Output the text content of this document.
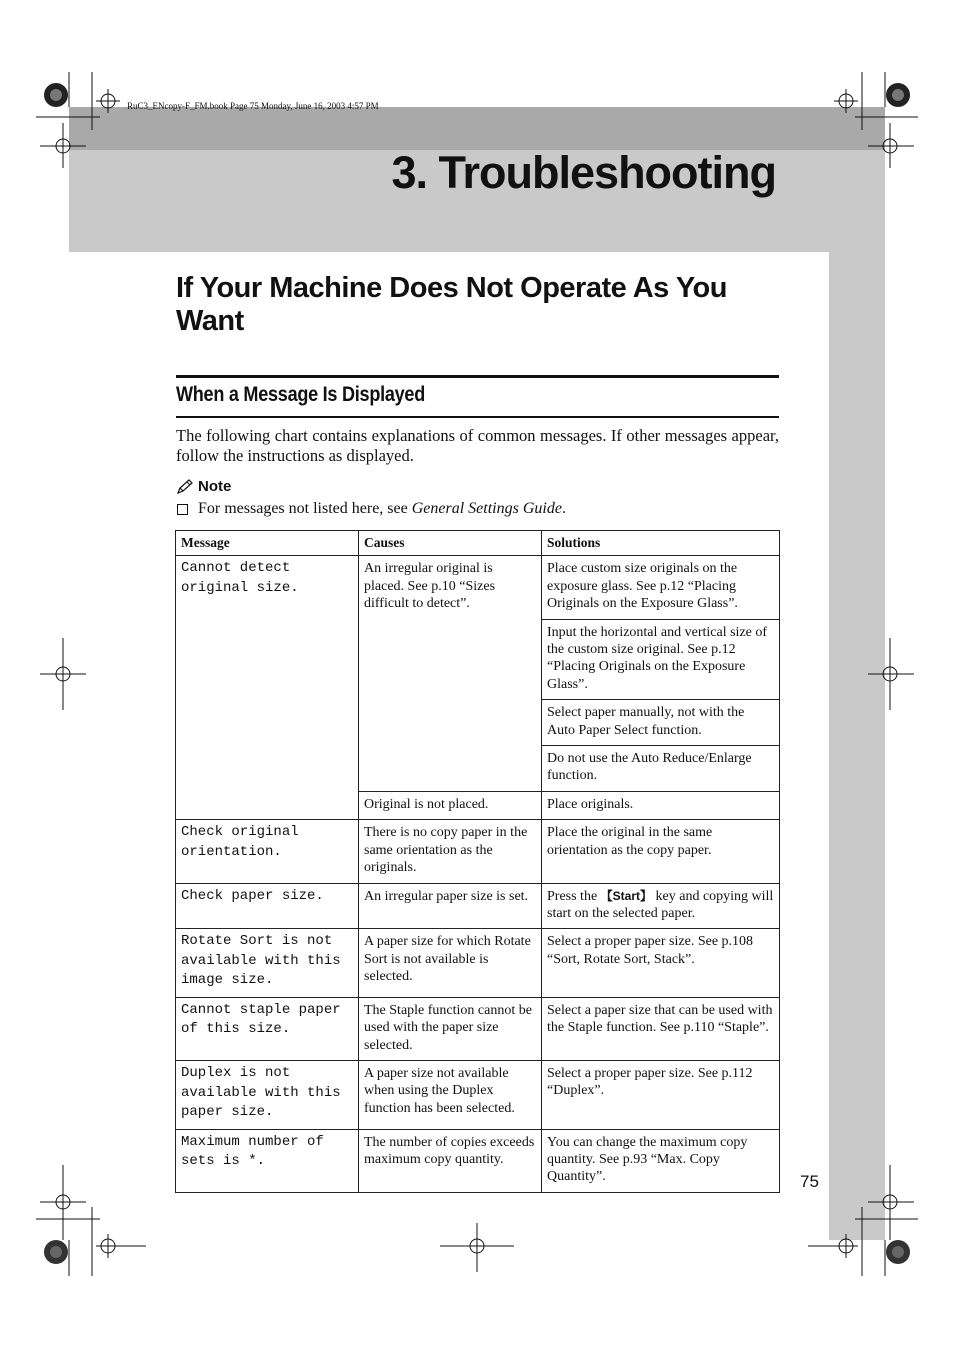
RuC3_ENcopy-F_FM.book Page 75 Monday, June 16, 2003 4:57 PM
3. Troubleshooting
If Your Machine Does Not Operate As You Want
When a Message Is Displayed
The following chart contains explanations of common messages. If other messages appear, follow the instructions as displayed.
Note
For messages not listed here, see General Settings Guide .
Message	Causes	Solutions
Cannot detect original size.	An irregular original is placed. See p.10 “Sizes difficult to detect”.	Place custom size originals on the exposure glass. See p.12 “Placing Originals on the Exposure Glass”.
		Input the horizontal and vertical size of the custom size original. See p.12 “Placing Originals on the Exposure Glass”.
		Select paper manually, not with the Auto Paper Select function.
		Do not use the Auto Reduce/Enlarge function.
	Original is not placed.	Place originals.
Check original orientation.	There is no copy paper in the same orientation as the originals.	Place the original in the same orientation as the copy paper.
Check paper size.	An irregular paper size is set.	Press the 【Start】 key and copying will start on the selected paper.
Rotate Sort is not available with this image size.	A paper size for which Rotate Sort is not available is selected.	Select a proper paper size. See p.108 “Sort, Rotate Sort, Stack”.
Cannot staple paper of this size.	The Staple function cannot be used with the paper size selected.	Select a paper size that can be used with the Staple function. See p.110 “Staple”.
Duplex is not available with this paper size.	A paper size not available when using the Duplex function has been selected.	Select a proper paper size. See p.112 “Duplex”.
Maximum number of sets is *.	The number of copies exceeds maximum copy quantity.	You can change the maximum copy quantity. See p.93 “Max. Copy Quantity”.	75
